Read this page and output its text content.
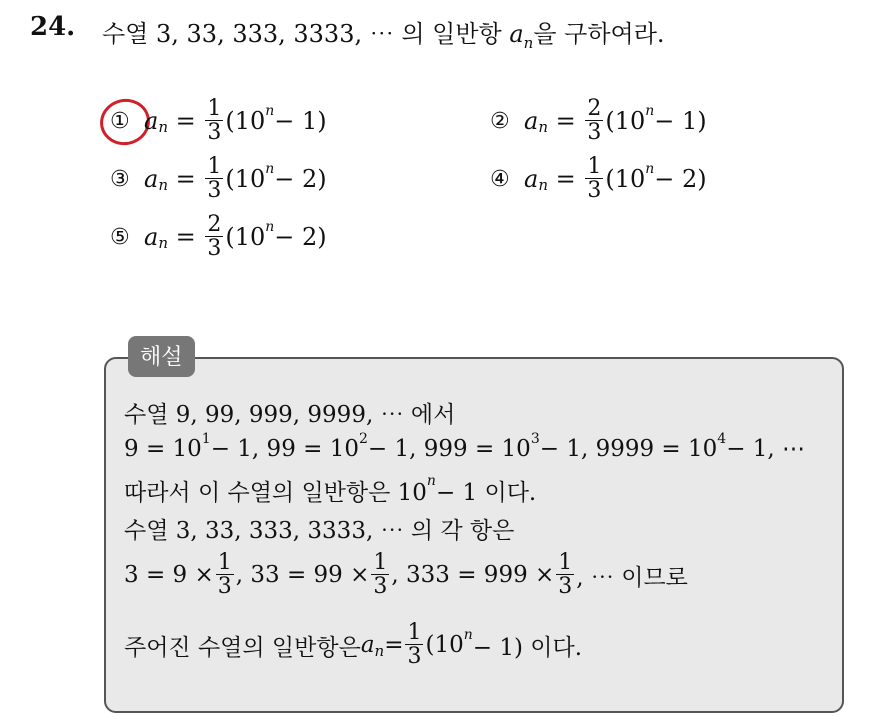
24. 수열 3, 33, 333, 3333, ⋯ 의 일반항 $a_n$을 구하여라.
① a $n = \frac{1}{3} (10$ n − 1)	② a $n = \frac{2}{3} (10$ n − 1)
③ a $n = \frac{1}{3} (10$ n − 2)	④ a $n = \frac{1}{3} (10$ n − 2)
⑤ a $n = \frac{2}{3} (10$ n − 2)
해설
수열 9, 99, 999, 9999, ⋯ 에서
9 = 10 1 − 1, 99 = 10 2 − 1, 999 = 10 3 − 1, 9999 = 10 4 − 1, ⋯
따라서 이 수열의 일반항은 10 n − 1 이다.
수열 3, 33, 333, 3333, ⋯ 의 각 항은
$3 = 9 \times \frac{1}{3}$ , $33 = 99 \times \frac{1}{3}$ , $333 = 999 \times \frac{1}{3}$ , ⋯ 이므로
주어진 수열의 일반항은 a $n = \frac{1}{3} (10$ n − 1) 이다.
